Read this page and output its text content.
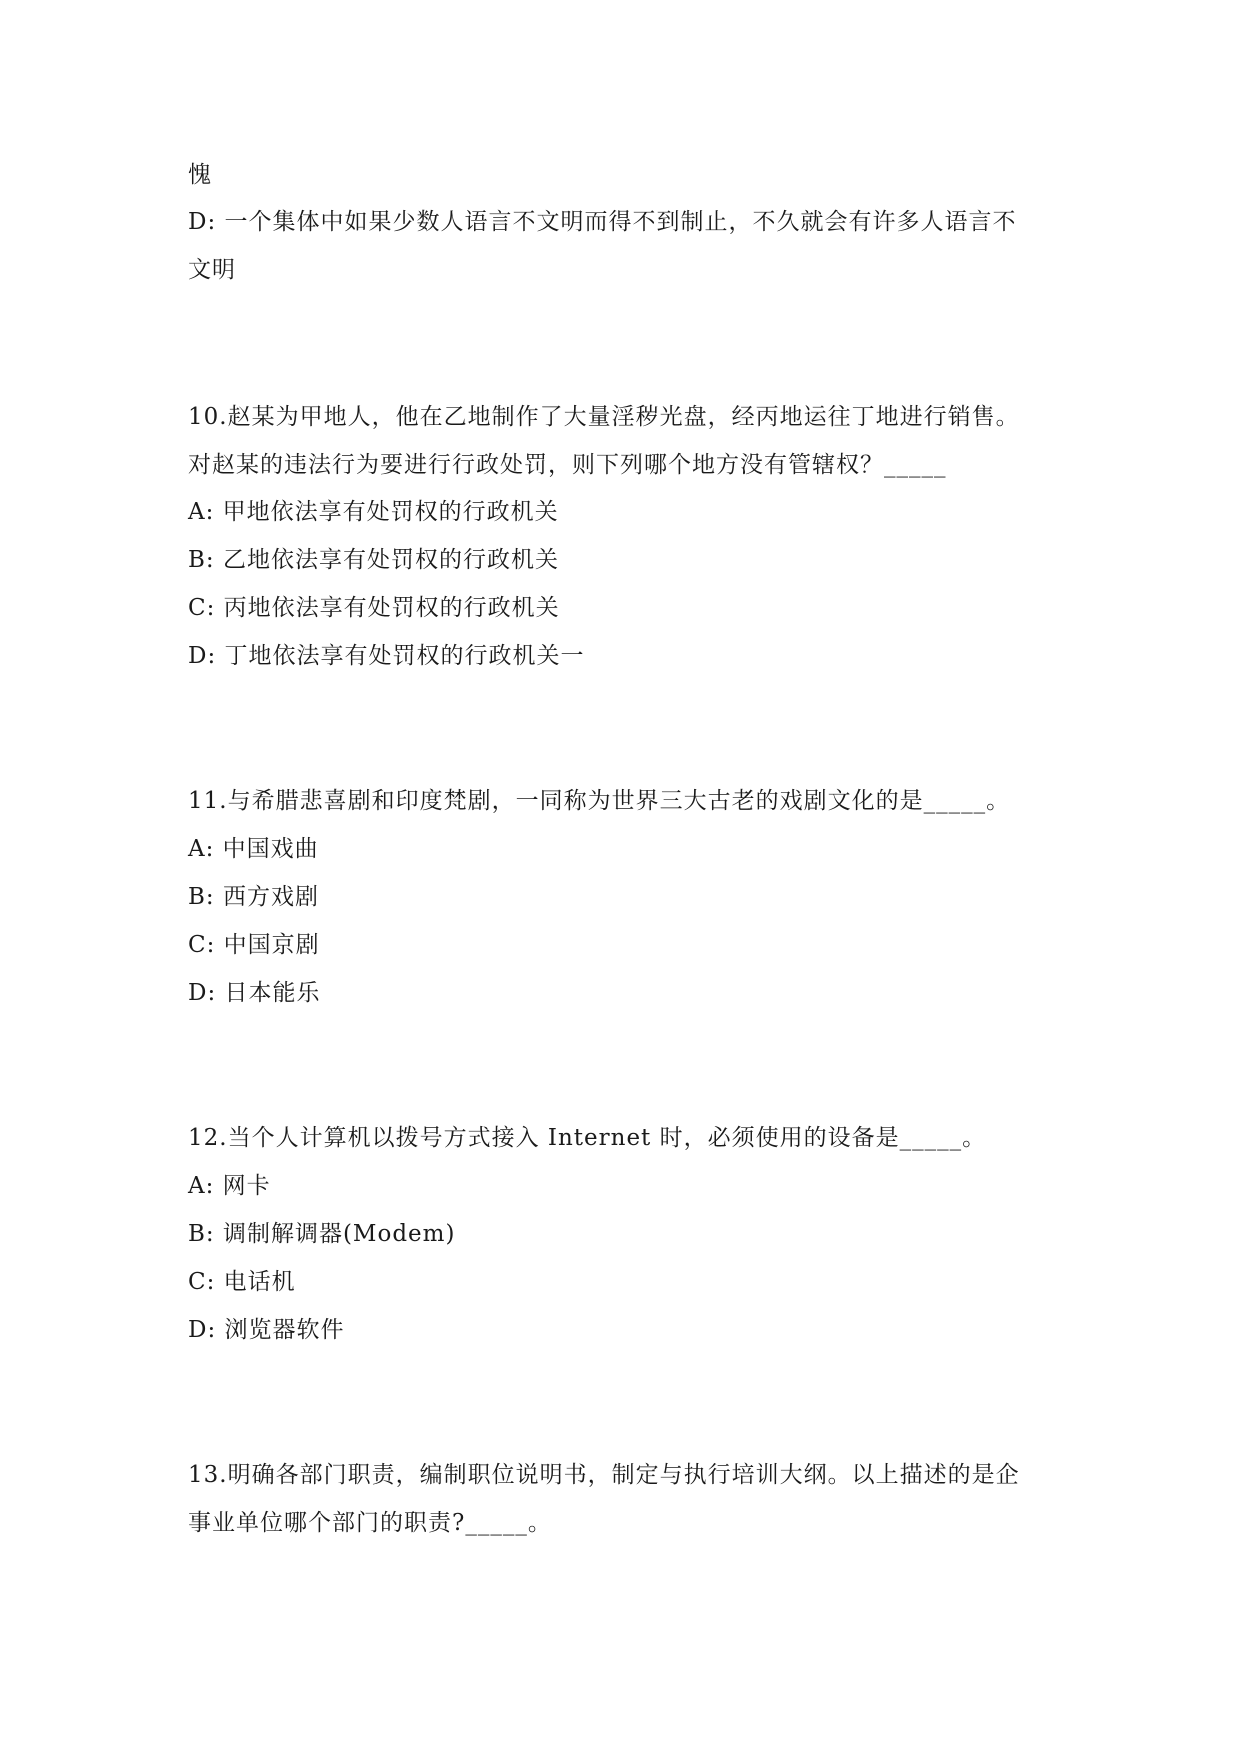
愧
D: 一个集体中如果少数人语言不文明而得不到制止，不久就会有许多人语言不
文明
10.赵某为甲地人，他在乙地制作了大量淫秽光盘，经丙地运往丁地进行销售。
对赵某的违法行为要进行行政处罚，则下列哪个地方没有管辖权？_____
A: 甲地依法享有处罚权的行政机关
B: 乙地依法享有处罚权的行政机关
C: 丙地依法享有处罚权的行政机关
D: 丁地依法享有处罚权的行政机关一
11.与希腊悲喜剧和印度梵剧，一同称为世界三大古老的戏剧文化的是_____。
A: 中国戏曲
B: 西方戏剧
C: 中国京剧
D: 日本能乐
12.当个人计算机以拨号方式接入 Internet 时，必须使用的设备是_____。
A: 网卡
B: 调制解调器(Modem)
C: 电话机
D: 浏览器软件
13.明确各部门职责，编制职位说明书，制定与执行培训大纲。以上描述的是企
事业单位哪个部门的职责?_____。
